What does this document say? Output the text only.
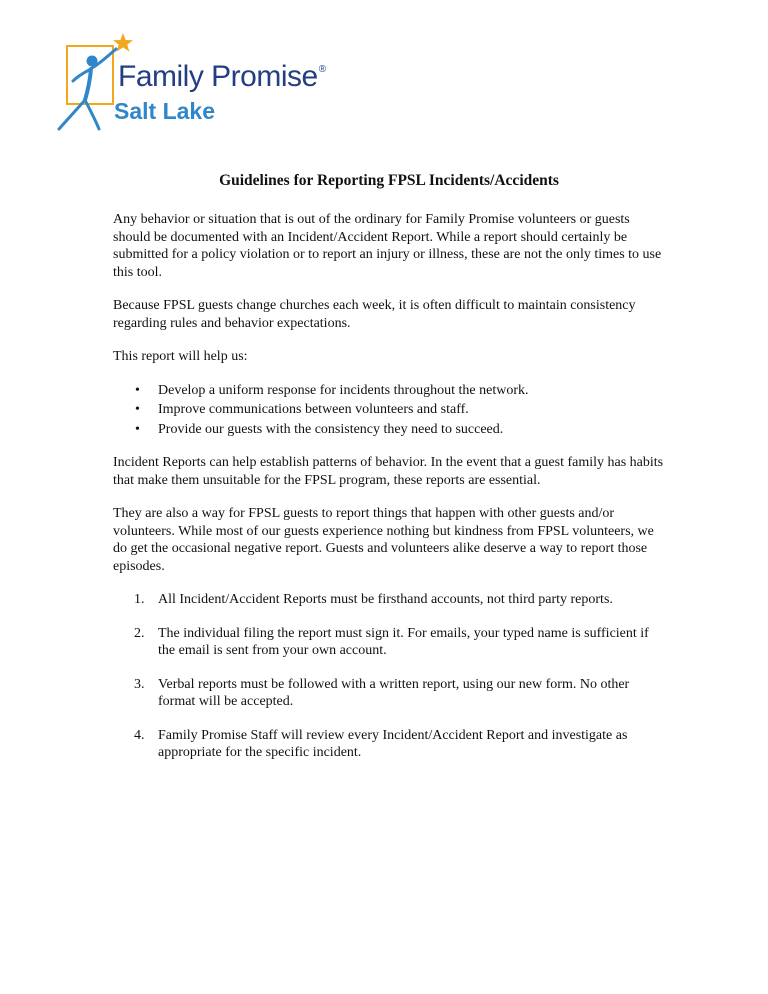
Family Promise®
Salt Lake
Guidelines for Reporting FPSL Incidents/Accidents

Any behavior or situation that is out of the ordinary for Family Promise volunteers or guests should be documented with an Incident/Accident Report. While a report should certainly be submitted for a policy violation or to report an injury or illness, these are not the only times to use this tool.

Because FPSL guests change churches each week, it is often difficult to maintain consistency regarding rules and behavior expectations.

This report will help us:

• Develop a uniform response for incidents throughout the network.
• Improve communications between volunteers and staff.
• Provide our guests with the consistency they need to succeed.

Incident Reports can help establish patterns of behavior. In the event that a guest family has habits that make them unsuitable for the FPSL program, these reports are essential.

They are also a way for FPSL guests to report things that happen with other guests and/or volunteers. While most of our guests experience nothing but kindness from FPSL volunteers, we do get the occasional negative report. Guests and volunteers alike deserve a way to report those episodes.

1. All Incident/Accident Reports must be firsthand accounts, not third party reports.
2. The individual filing the report must sign it. For emails, your typed name is sufficient if the email is sent from your own account.
3. Verbal reports must be followed with a written report, using our new form. No other format will be accepted.
4. Family Promise Staff will review every Incident/Accident Report and investigate as appropriate for the specific incident.
